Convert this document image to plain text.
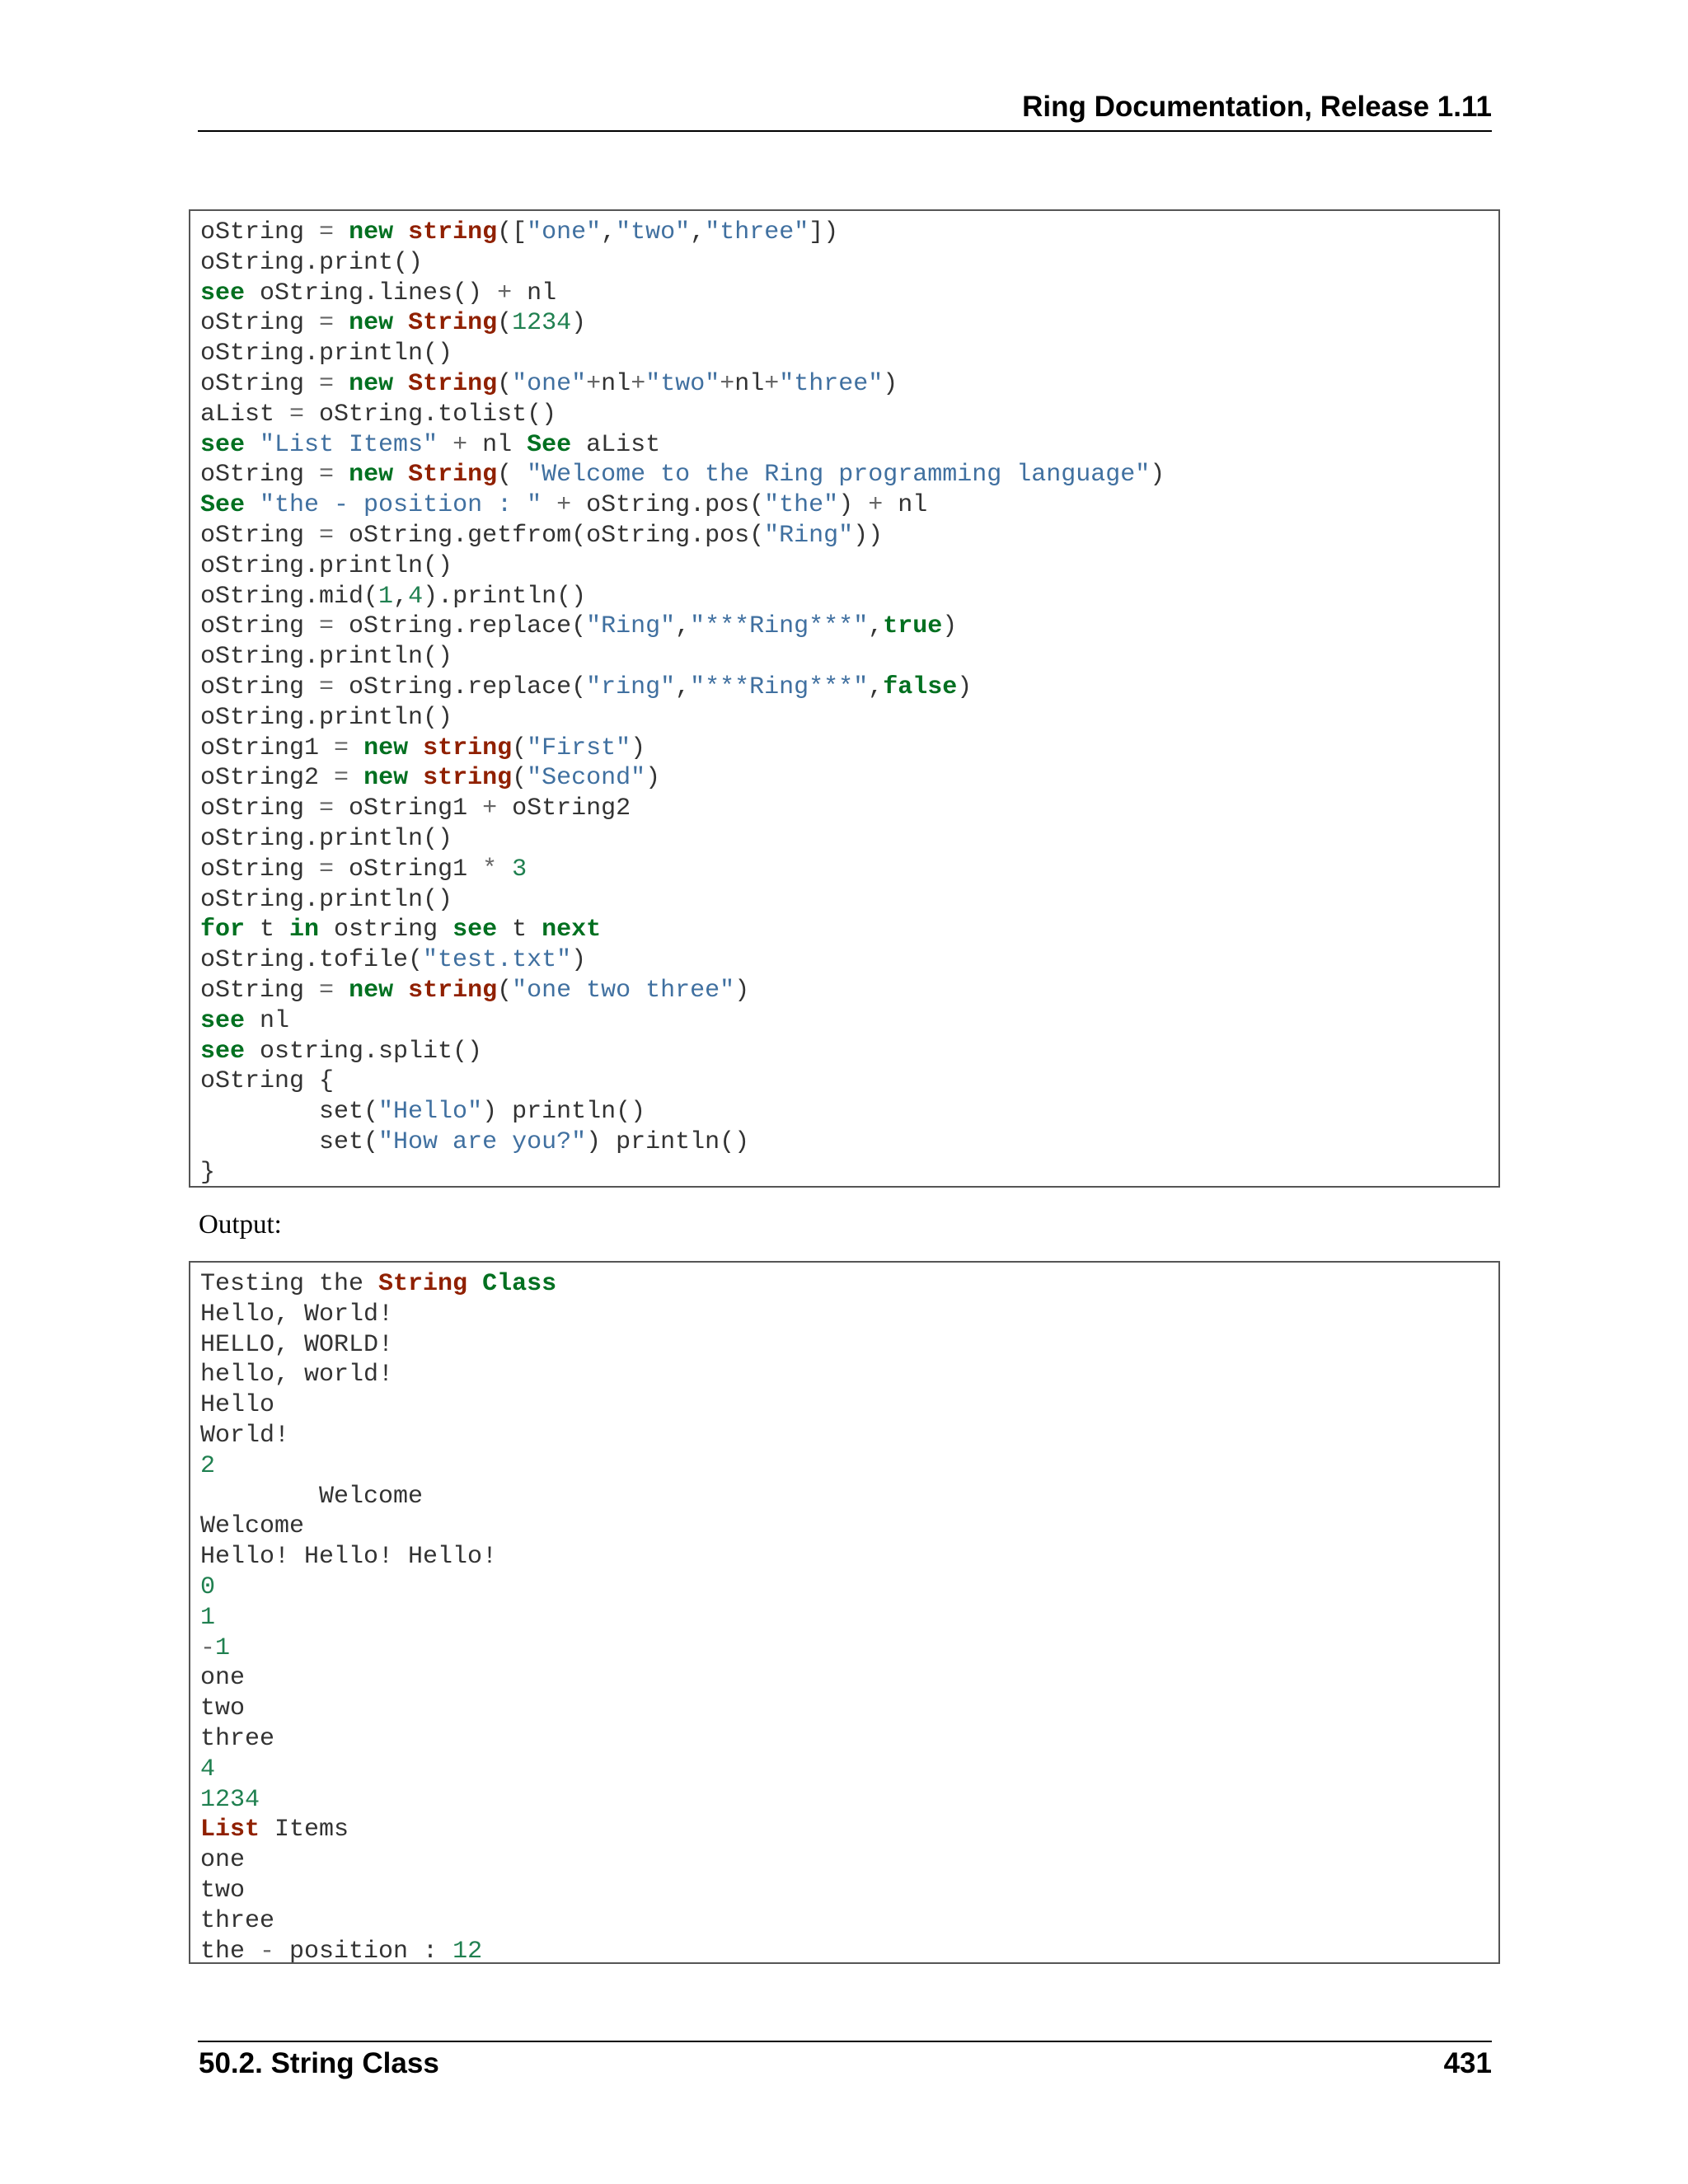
Ring Documentation, Release 1.11
oString = new string(["one","two","three"])
oString.print()
see oString.lines() + nl
oString = new String(1234)
oString.println()
oString = new String("one"+nl+"two"+nl+"three")
aList = oString.tolist()
see "List Items" + nl See aList
oString = new String( "Welcome to the Ring programming language")
See "the - position : " + oString.pos("the") + nl
oString = oString.getfrom(oString.pos("Ring"))
oString.println()
oString.mid(1,4).println()
oString = oString.replace("Ring","***Ring***",true)
oString.println()
oString = oString.replace("ring","***Ring***",false)
oString.println()
oString1 = new string("First")
oString2 = new string("Second")
oString = oString1 + oString2
oString.println()
oString = oString1 * 3
oString.println()
for t in ostring see t next
oString.tofile("test.txt")
oString = new string("one two three")
see nl
see ostring.split()
oString {
set("Hello") println()
set("How are you?") println()
}
Output:
Testing the String Class
Hello, World!
HELLO, WORLD!
hello, world!
Hello
World!
2
Welcome
Welcome
Hello! Hello! Hello!
0
1
-1
one
two
three
4
1234
List Items
one
two
three
the - position : 12
50.2. String Class	431
